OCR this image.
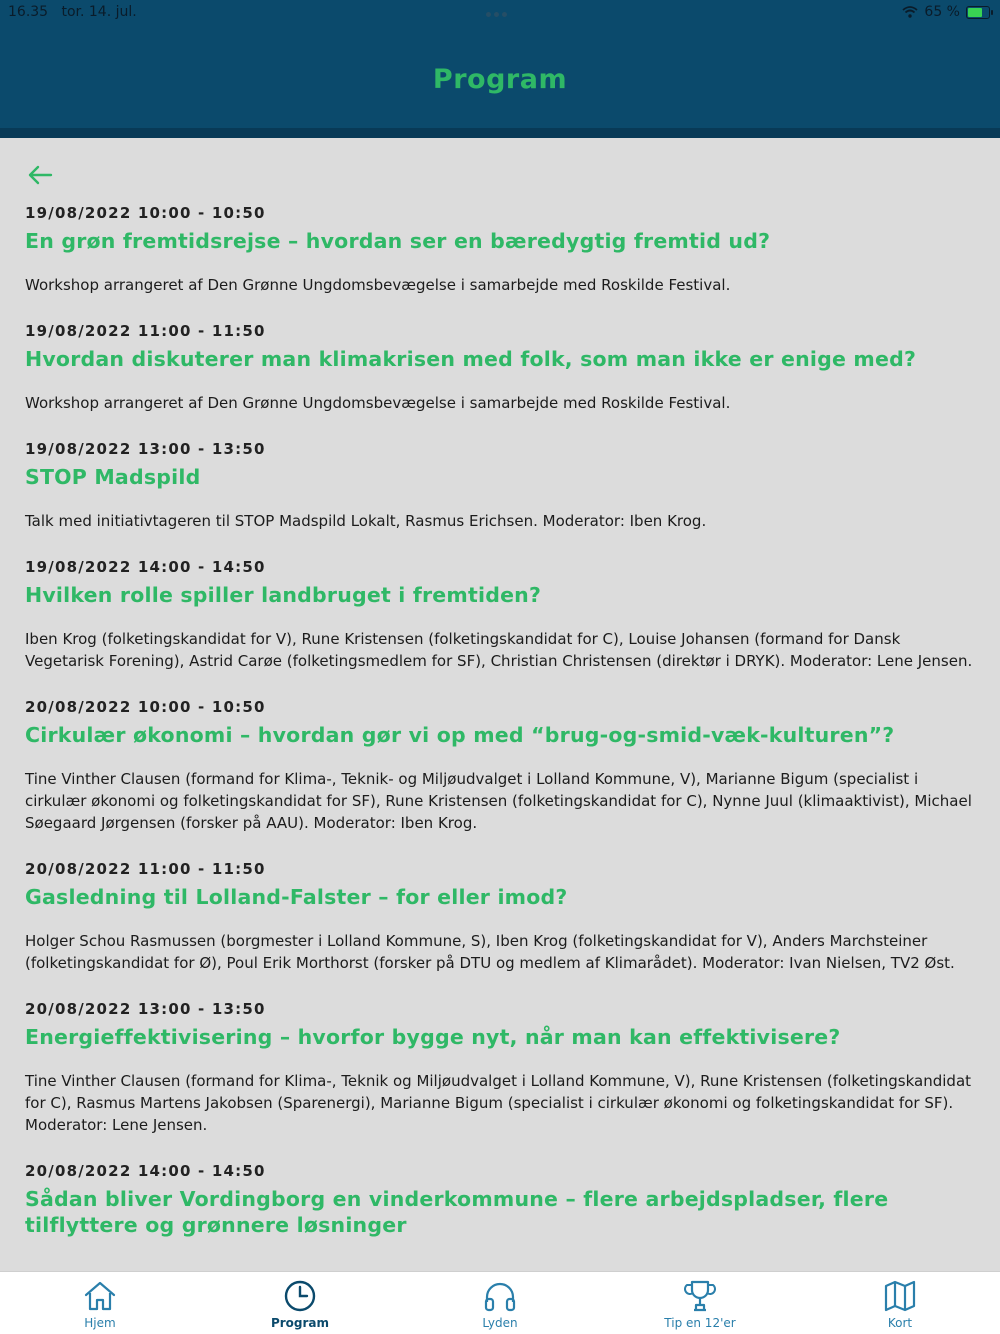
16.35 tor. 14. jul.	65 %
Program
19/08/2022 10:00 - 10:50
En grøn fremtidsrejse – hvordan ser en bæredygtig fremtid ud?
Workshop arrangeret af Den Grønne Ungdomsbevægelse i samarbejde med Roskilde Festival.
19/08/2022 11:00 - 11:50
Hvordan diskuterer man klimakrisen med folk, som man ikke er enige med?
Workshop arrangeret af Den Grønne Ungdomsbevægelse i samarbejde med Roskilde Festival.
19/08/2022 13:00 - 13:50
STOP Madspild
Talk med initiativtageren til STOP Madspild Lokalt, Rasmus Erichsen. Moderator: Iben Krog.
19/08/2022 14:00 - 14:50
Hvilken rolle spiller landbruget i fremtiden?
Iben Krog (folketingskandidat for V), Rune Kristensen (folketingskandidat for C), Louise Johansen (formand for Dansk Vegetarisk Forening), Astrid Carøe (folketingsmedlem for SF), Christian Christensen (direktør i DRYK). Moderator: Lene Jensen.
20/08/2022 10:00 - 10:50
Cirkulær økonomi – hvordan gør vi op med “brug-og-smid-væk-kulturen”?
Tine Vinther Clausen (formand for Klima-, Teknik- og Miljøudvalget i Lolland Kommune, V), Marianne Bigum (specialist i cirkulær økonomi og folketingskandidat for SF), Rune Kristensen (folketingskandidat for C), Nynne Juul (klimaaktivist), Michael Søegaard Jørgensen (forsker på AAU). Moderator: Iben Krog.
20/08/2022 11:00 - 11:50
Gasledning til Lolland-Falster – for eller imod?
Holger Schou Rasmussen (borgmester i Lolland Kommune, S), Iben Krog (folketingskandidat for V), Anders Marchsteiner (folketingskandidat for Ø), Poul Erik Morthorst (forsker på DTU og medlem af Klimarådet). Moderator: Ivan Nielsen, TV2 Øst.
20/08/2022 13:00 - 13:50
Energieffektivisering – hvorfor bygge nyt, når man kan effektivisere?
Tine Vinther Clausen (formand for Klima-, Teknik og Miljøudvalget i Lolland Kommune, V), Rune Kristensen (folketingskandidat for C), Rasmus Martens Jakobsen (Sparenergi), Marianne Bigum (specialist i cirkulær økonomi og folketingskandidat for SF). Moderator: Lene Jensen.
20/08/2022 14:00 - 14:50
Sådan bliver Vordingborg en vinderkommune – flere arbejdspladser, flere tilflyttere og grønnere løsninger
Hjem	Program	Lyden	Tip en 12'er	Kort
